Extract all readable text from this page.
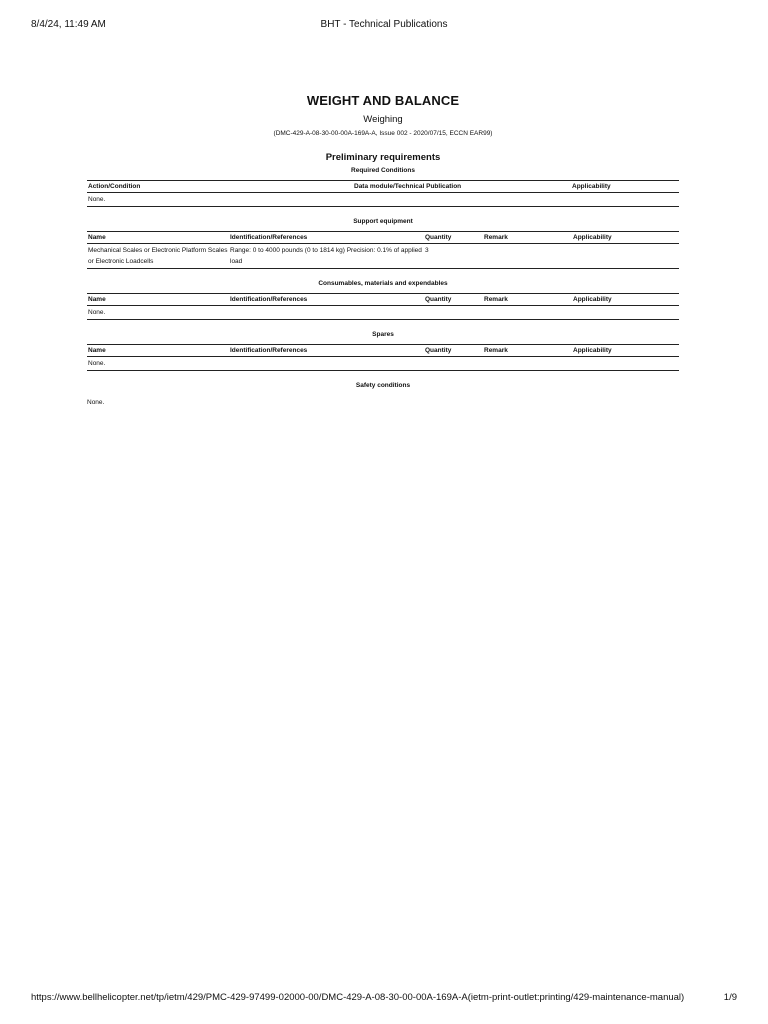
8/4/24, 11:49 AM	BHT - Technical Publications
WEIGHT AND BALANCE
Weighing
(DMC-429-A-08-30-00-00A-169A-A, Issue 002 - 2020/07/15, ECCN EAR99)
Preliminary requirements
Required Conditions
Action/Condition	Data module/Technical Publication	Applicability
None.
Support equipment
Name	Identification/References	Quantity	Remark	Applicability
Mechanical Scales or Electronic Platform Scales or Electronic Loadcells	Range: 0 to 4000 pounds (0 to 1814 kg) Precision: 0.1% of applied load	3		
Consumables, materials and expendables
Name	Identification/References	Quantity	Remark	Applicability
None.
Spares
Name	Identification/References	Quantity	Remark	Applicability
None.
Safety conditions
None.
https://www.bellhelicopter.net/tp/ietm/429/PMC-429-97499-02000-00/DMC-429-A-08-30-00-00A-169A-A(ietm-print-outlet:printing/429-maintenance-manual)	1/9
